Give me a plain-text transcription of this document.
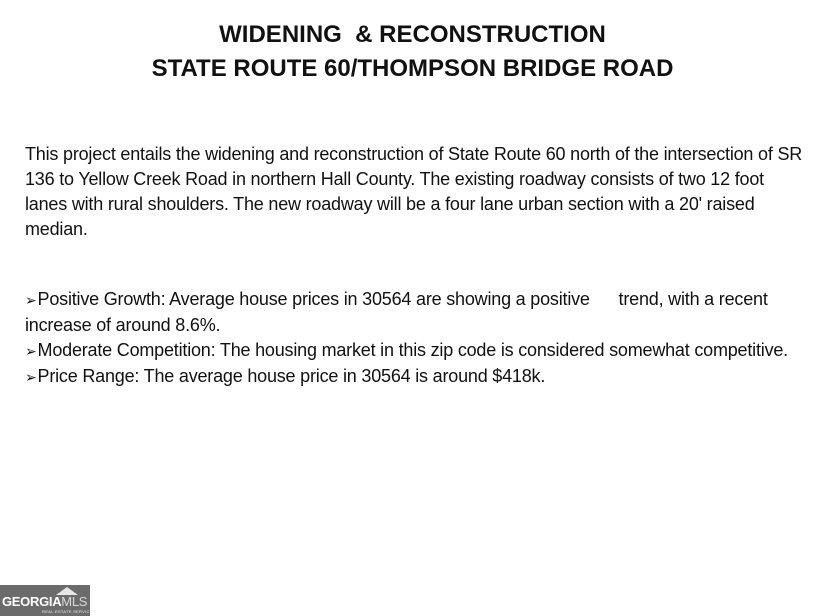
WIDENING  & RECONSTRUCTION
STATE ROUTE 60/THOMPSON BRIDGE ROAD
This project entails the widening and reconstruction of State Route 60 north of the intersection of SR 136 to Yellow Creek Road in northern Hall County. The existing roadway consists of two 12 foot lanes with rural shoulders. The new roadway will be a four lane urban section with a 20' raised median.

➢Positive Growth: Average house prices in 30564 are showing a positive      trend, with a recent increase of around 8.6%.

➢Moderate Competition: The housing market in this zip code is considered somewhat competitive.

➢Price Range: The average house price in 30564 is around $418k.

GEORGIAMLS
REAL ESTATE SERVICES
